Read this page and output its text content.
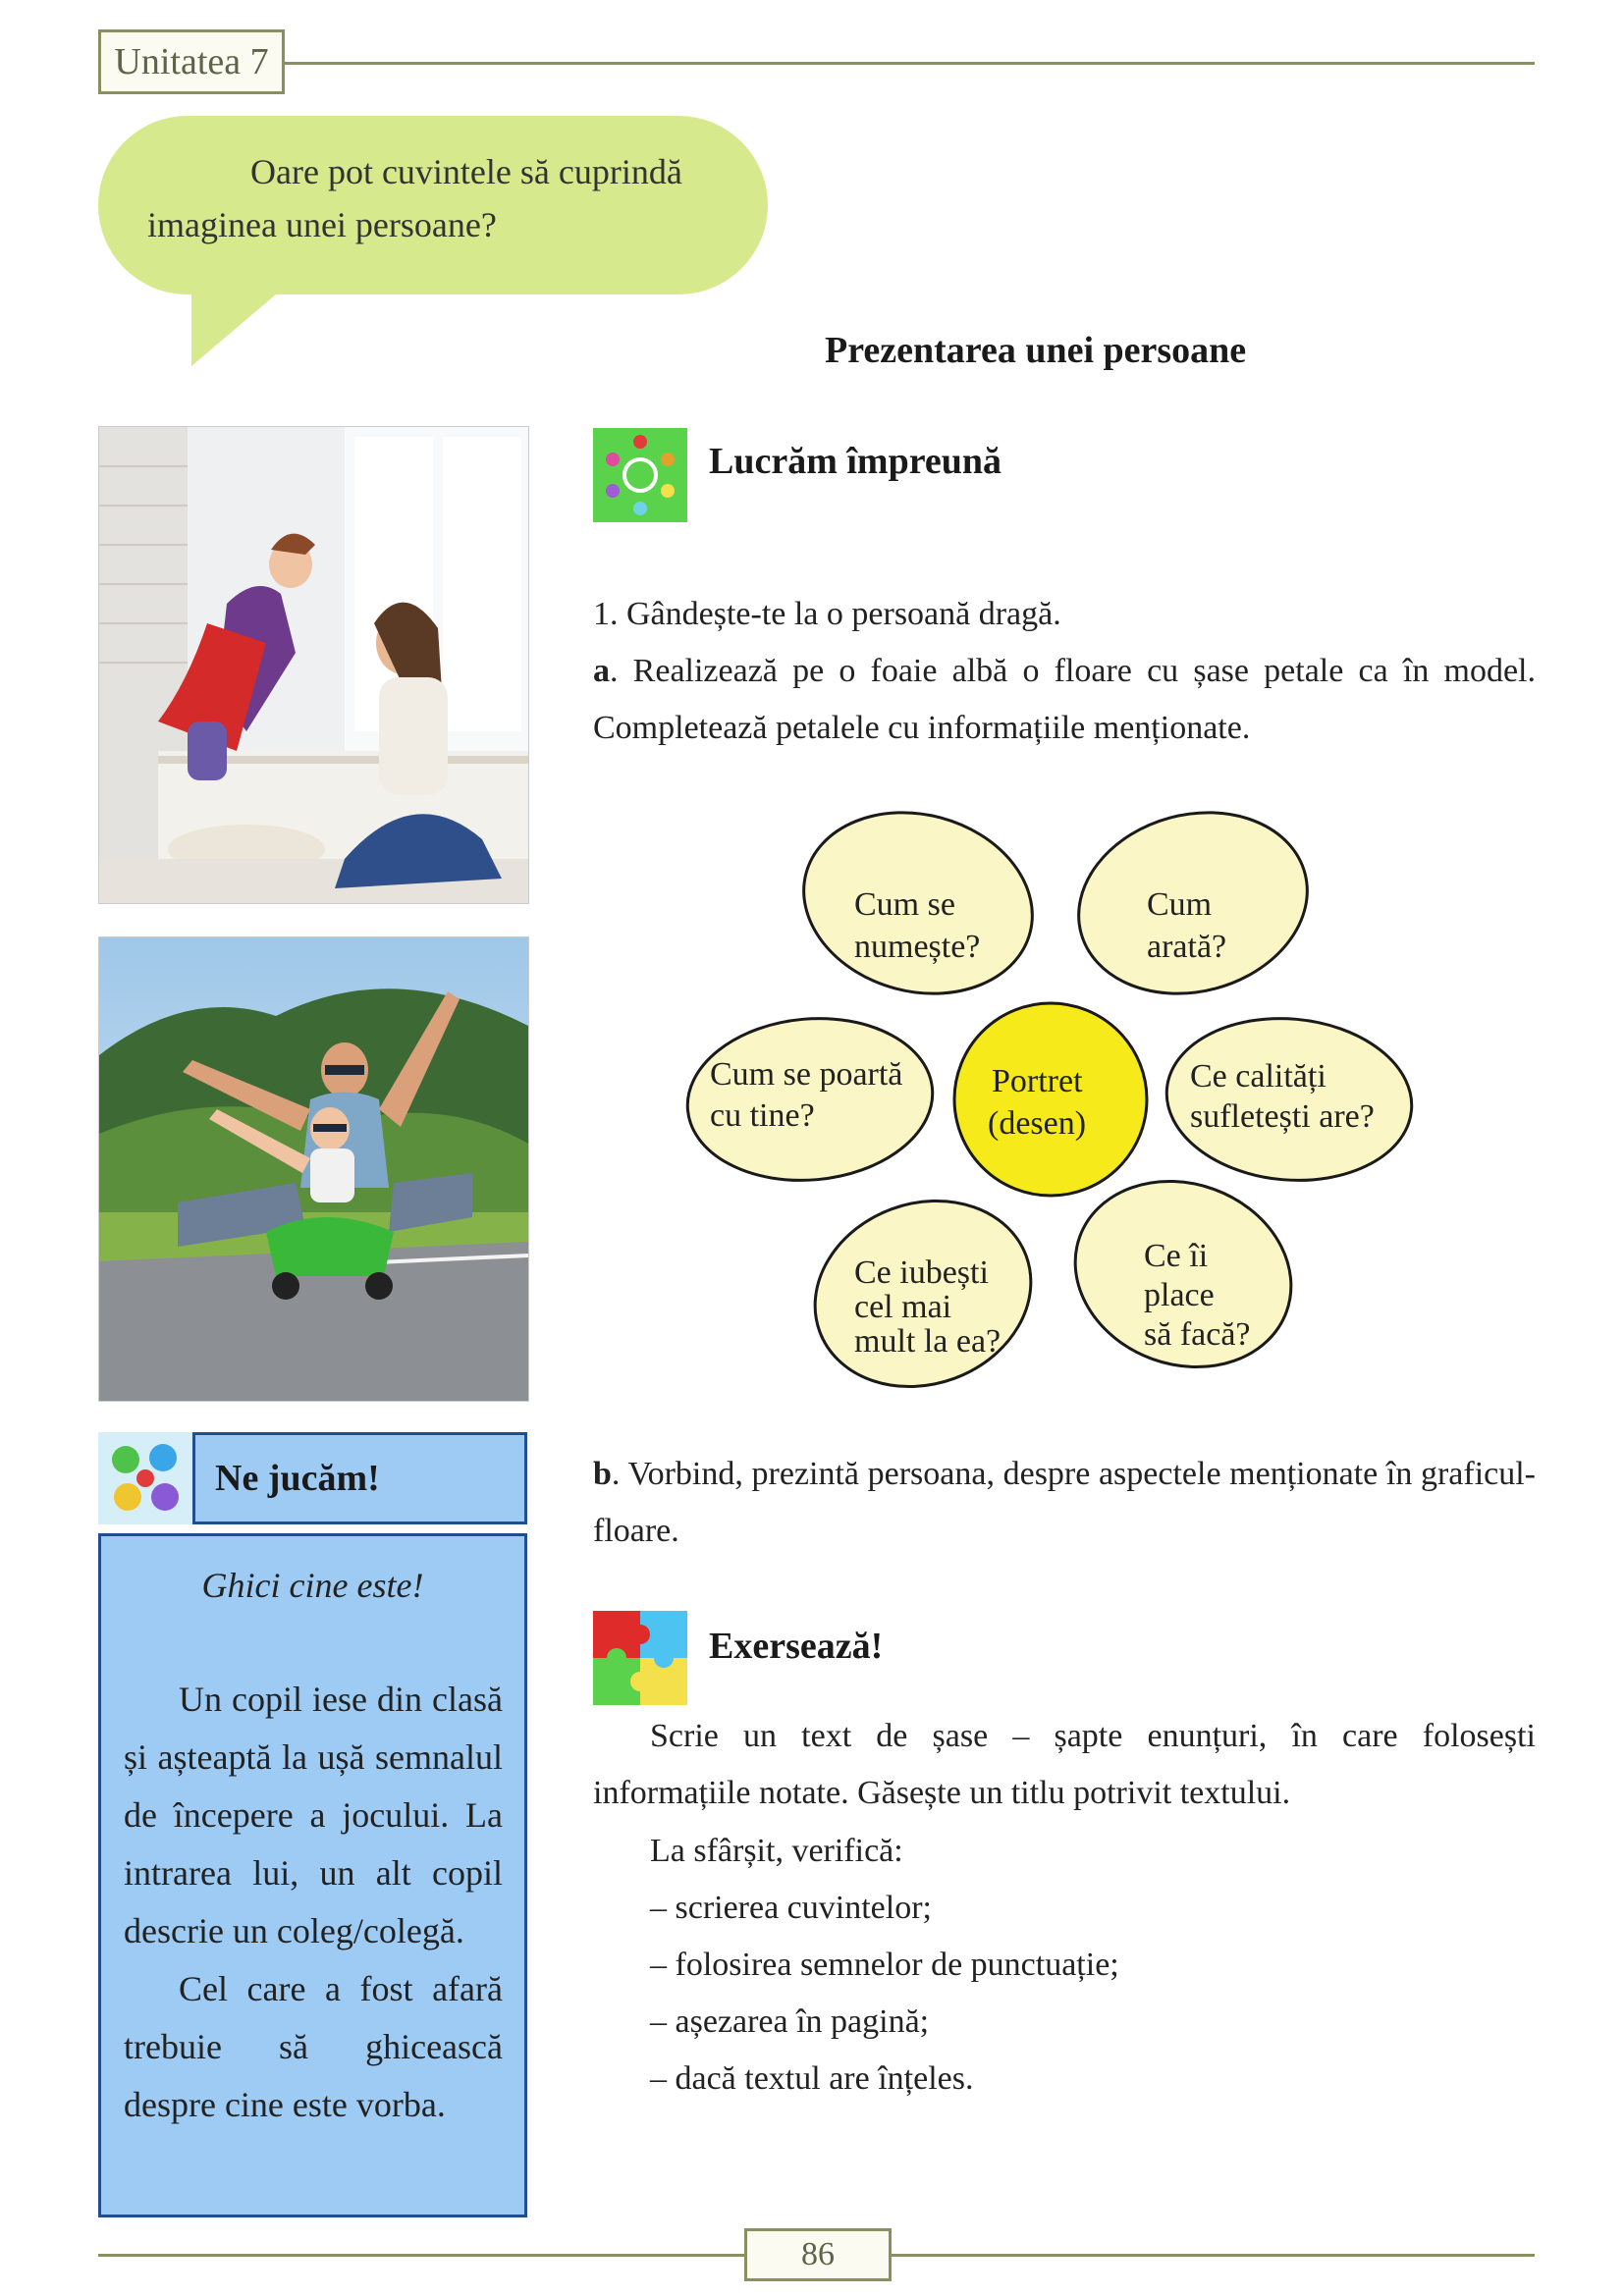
Unitatea 7
Oare pot cuvintele să cuprindă
imaginea unei persoane?
Prezentarea unei persoane
Lucrăm împreună
1. Gândește-te la o persoană dragă.
a. Realizează pe o foaie albă o floare cu șase petale ca în model. Completează petalele cu informațiile menționate.
Cum se
numește?
Cum
arată?
Cum se poartă
cu tine?
Ce calități
sufletești are?
Ce iubești
cel mai
mult la ea?
Ce îi
place
să facă?
Portret
(desen)
b. Vorbind, prezintă persoana, despre aspectele menționate în graficul-floare.
Exersează!
Scrie un text de șase – șapte enunțuri, în care folosești informațiile notate. Găsește un titlu potrivit textului.
La sfârșit, verifică:
– scrierea cuvintelor;
– folosirea semnelor de punctuație;
– așezarea în pagină;
– dacă textul are înțeles.
Ne jucăm!
Ghici cine este!
Un copil iese din clasă și așteaptă la ușă semnalul de începere a jocului. La intrarea lui, un alt copil descrie un coleg/colegă.
Cel care a fost afară trebuie să ghicească despre cine este vorba.
86
